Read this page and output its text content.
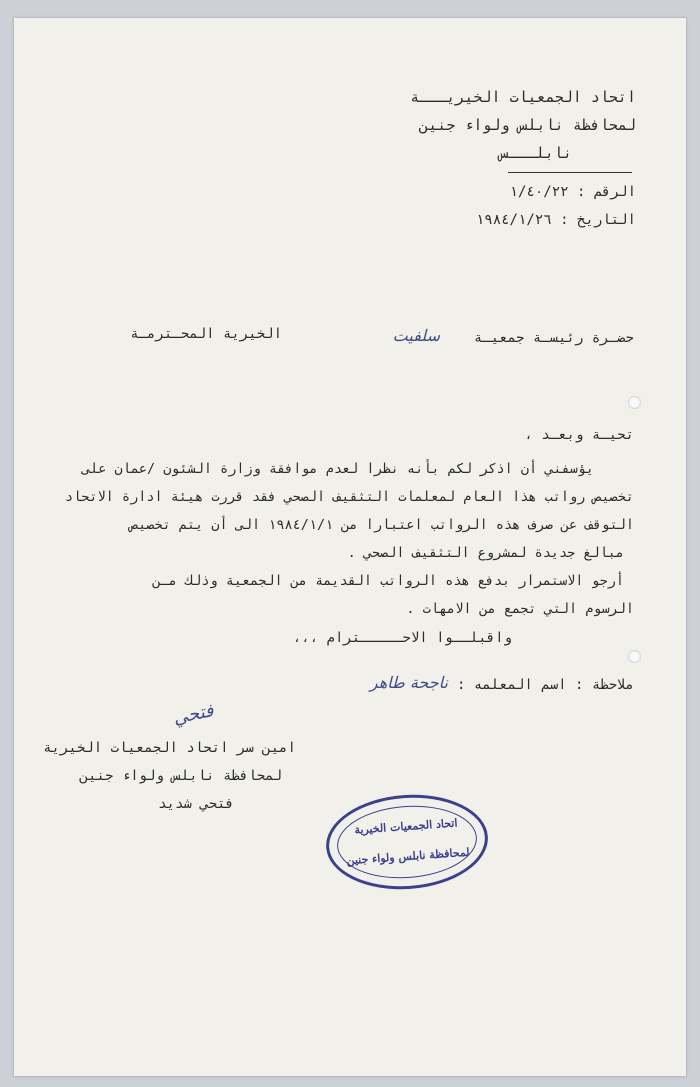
اتحاد الجمعيات الخيريـــة
لمحافظة نابلس ولواء جنين
نابلـــس
الرقم : ١/٤٠/٢٢
التاريخ : ١٩٨٤/١/٢٦
حضـرة رئيسـة جمعيـة
سلفيت
الخيرية المحـترمـة
تحيـة وبعـد ،
يؤسفني أن اذكر لكم بأنه نظرا لعدم موافقة وزارة الشئون /عمان على
تخصيص رواتب هذا العام لمعلمات التثقيف الصحي فقد قررت هيئة ادارة الاتحاد
التوقف عن صرف هذه الرواتب اعتبارا من ١٩٨٤/١/١ الى أن يتم تخصيص
مبالغ جديدة لمشروع التثقيف الصحي .
أرجو الاستمرار بدفع هذه الرواتب القديمة من الجمعية وذلك مـن
الرسوم التي تجمع من الامهات .
واقبلــوا الاحـــــترام ،،،
ملاحظة : اسم المعلمه :
ناجحة طاهر
فتحي
امين سر اتحاد الجمعيات الخيرية
لمحافظة نابلس ولواء جنين
فتحي شديد
اتحاد الجمعيات الخيرية
لمحافظة نابلس ولواء جنين
